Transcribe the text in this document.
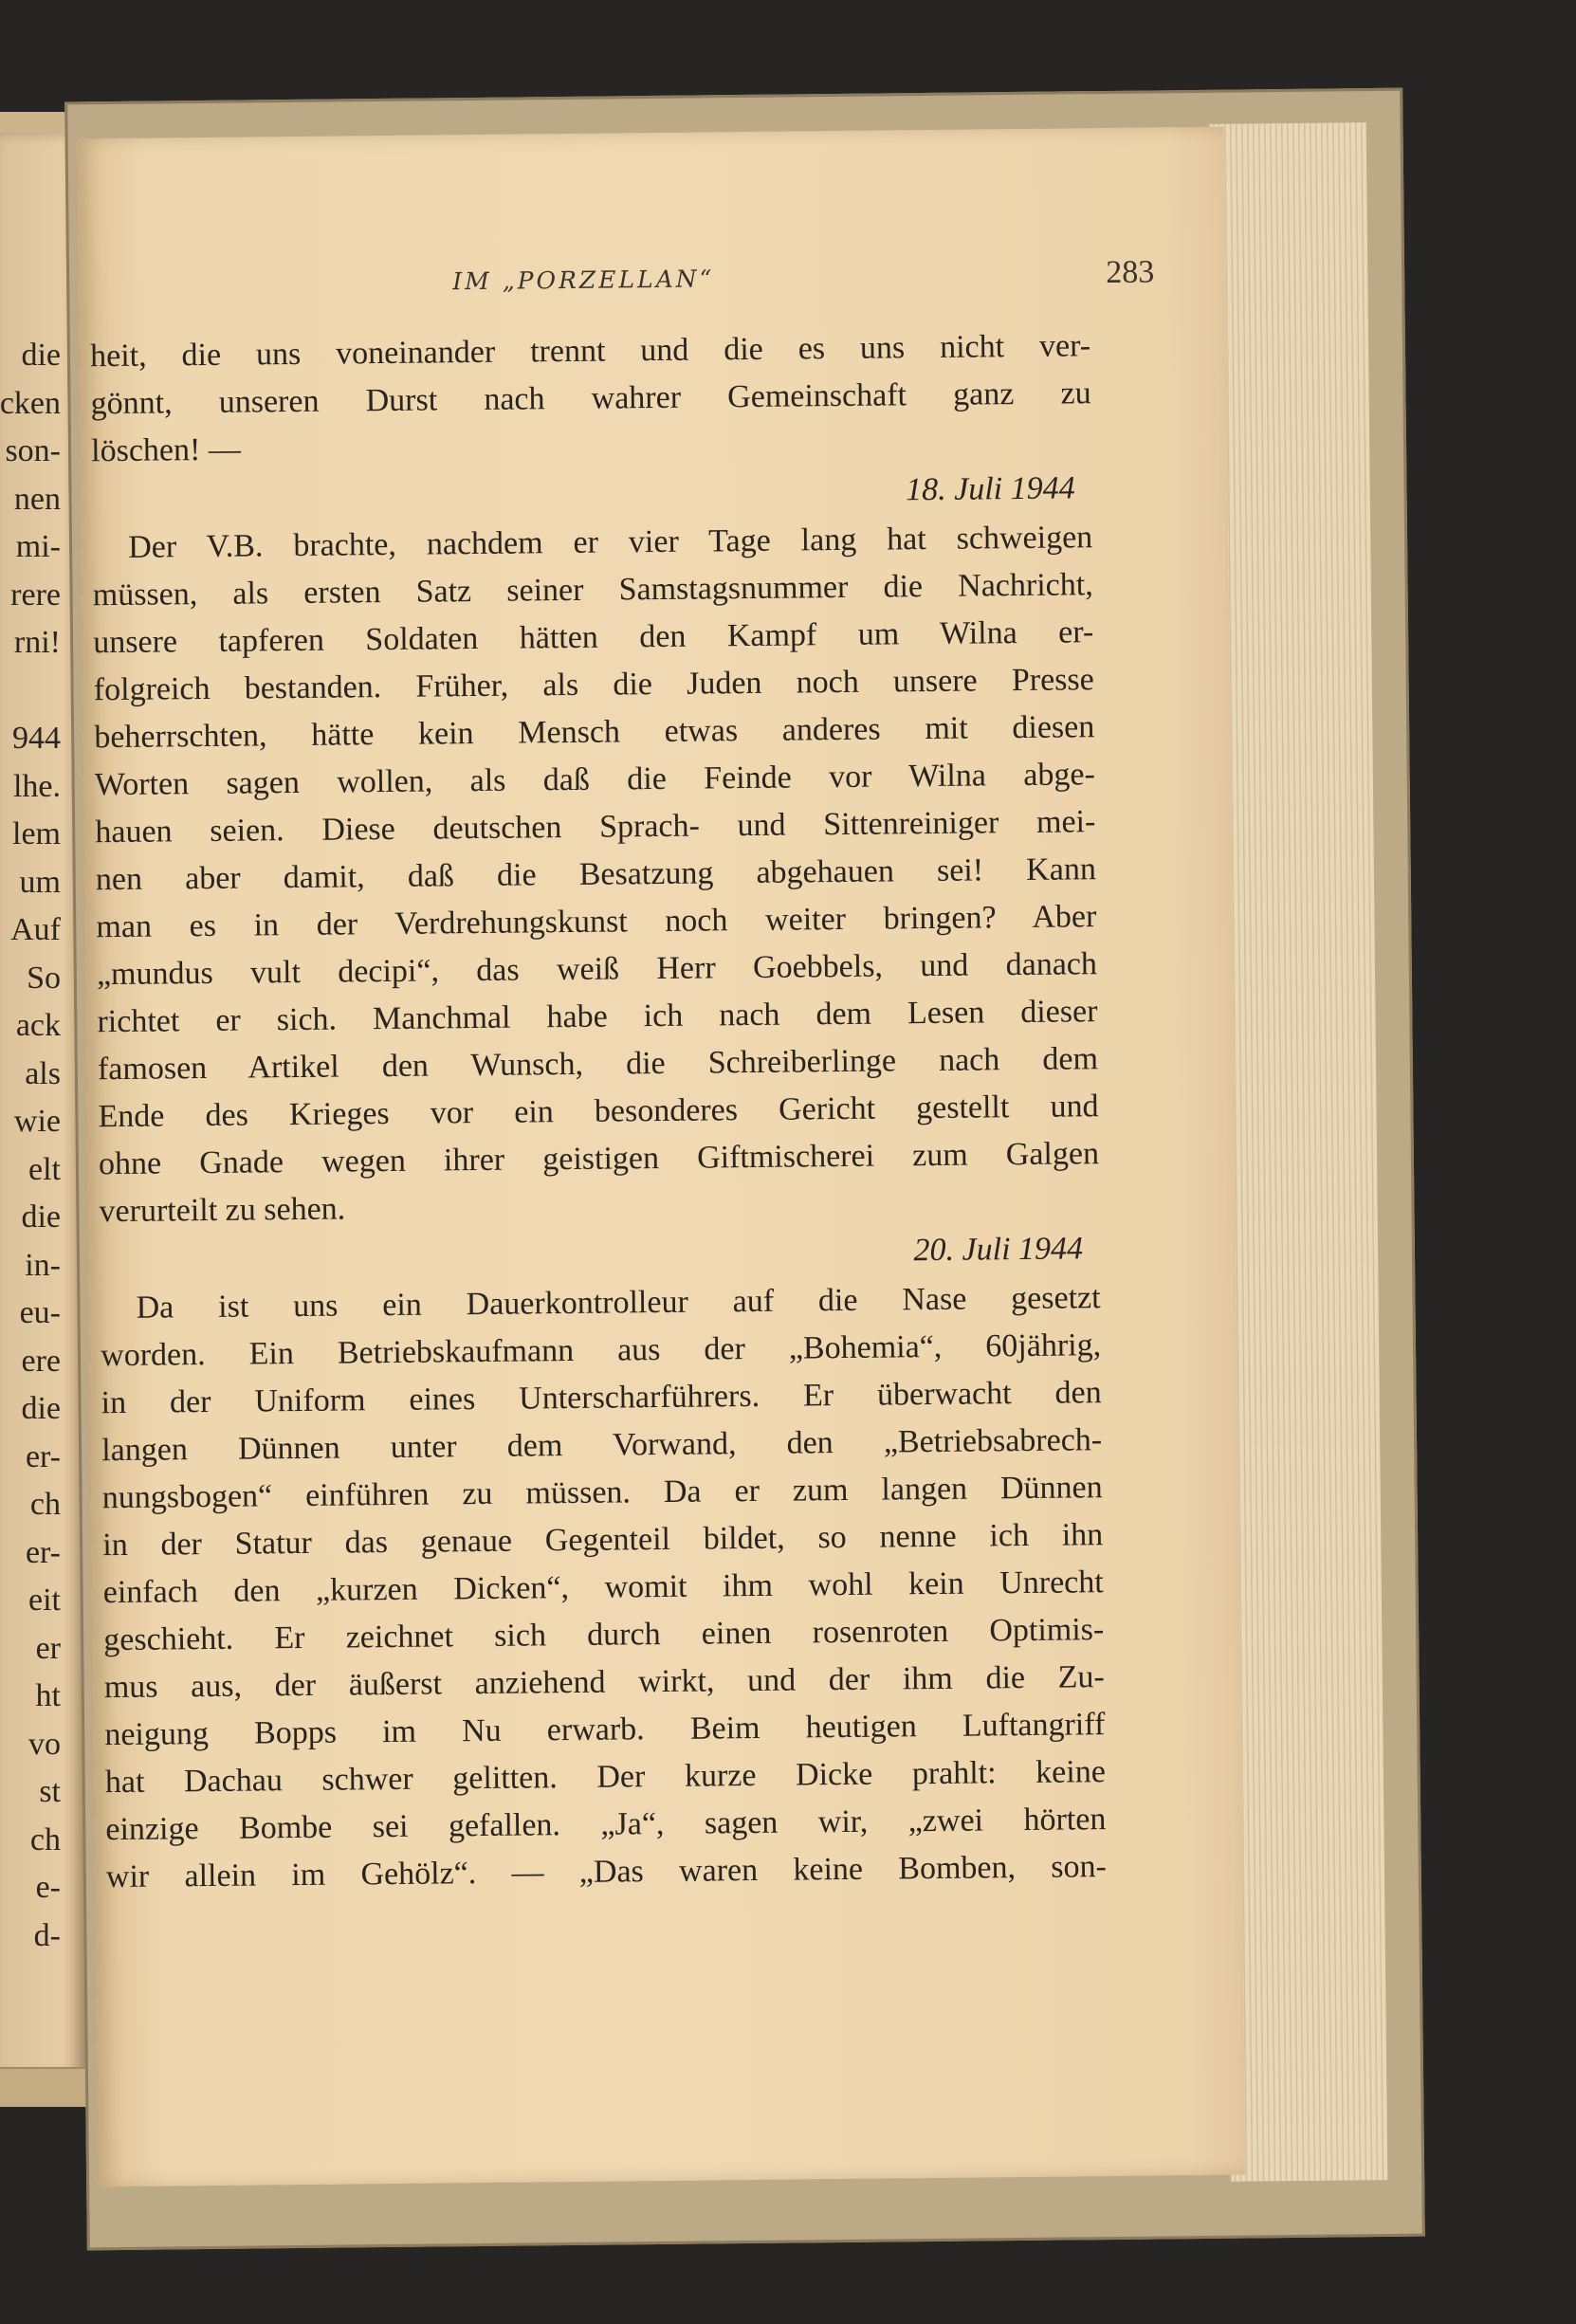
die
cken
son-
nen
mi-
rere
rni!
944
lhe.
lem
um
Auf
So
ack
als
wie
elt
die
in-
eu-
ere
die
er-
ch
er-
eit
er
ht
vo
st
ch
e-
d-
IM „PORZELLAN“	283
heit, die uns voneinander trennt und die es uns nicht ver-
gönnt, unseren Durst nach wahrer Gemeinschaft ganz zu
löschen! —
18. Juli 1944
Der V.B. brachte, nachdem er vier Tage lang hat schweigen
müssen, als ersten Satz seiner Samstagsnummer die Nachricht,
unsere tapferen Soldaten hätten den Kampf um Wilna er-
folgreich bestanden. Früher, als die Juden noch unsere Presse
beherrschten, hätte kein Mensch etwas anderes mit diesen
Worten sagen wollen, als daß die Feinde vor Wilna abge-
hauen seien. Diese deutschen Sprach- und Sittenreiniger mei-
nen aber damit, daß die Besatzung abgehauen sei! Kann
man es in der Verdrehungskunst noch weiter bringen? Aber
„mundus vult decipi“, das weiß Herr Goebbels, und danach
richtet er sich. Manchmal habe ich nach dem Lesen dieser
famosen Artikel den Wunsch, die Schreiberlinge nach dem
Ende des Krieges vor ein besonderes Gericht gestellt und
ohne Gnade wegen ihrer geistigen Giftmischerei zum Galgen
verurteilt zu sehen.
20. Juli 1944
Da ist uns ein Dauerkontrolleur auf die Nase gesetzt
worden. Ein Betriebskaufmann aus der „Bohemia“, 60jährig,
in der Uniform eines Unterscharführers. Er überwacht den
langen Dünnen unter dem Vorwand, den „Betriebsabrech-
nungsbogen“ einführen zu müssen. Da er zum langen Dünnen
in der Statur das genaue Gegenteil bildet, so nenne ich ihn
einfach den „kurzen Dicken“, womit ihm wohl kein Unrecht
geschieht. Er zeichnet sich durch einen rosenroten Optimis-
mus aus, der äußerst anziehend wirkt, und der ihm die Zu-
neigung Bopps im Nu erwarb. Beim heutigen Luftangriff
hat Dachau schwer gelitten. Der kurze Dicke prahlt: keine
einzige Bombe sei gefallen. „Ja“, sagen wir, „zwei hörten
wir allein im Gehölz“. — „Das waren keine Bomben, son-
